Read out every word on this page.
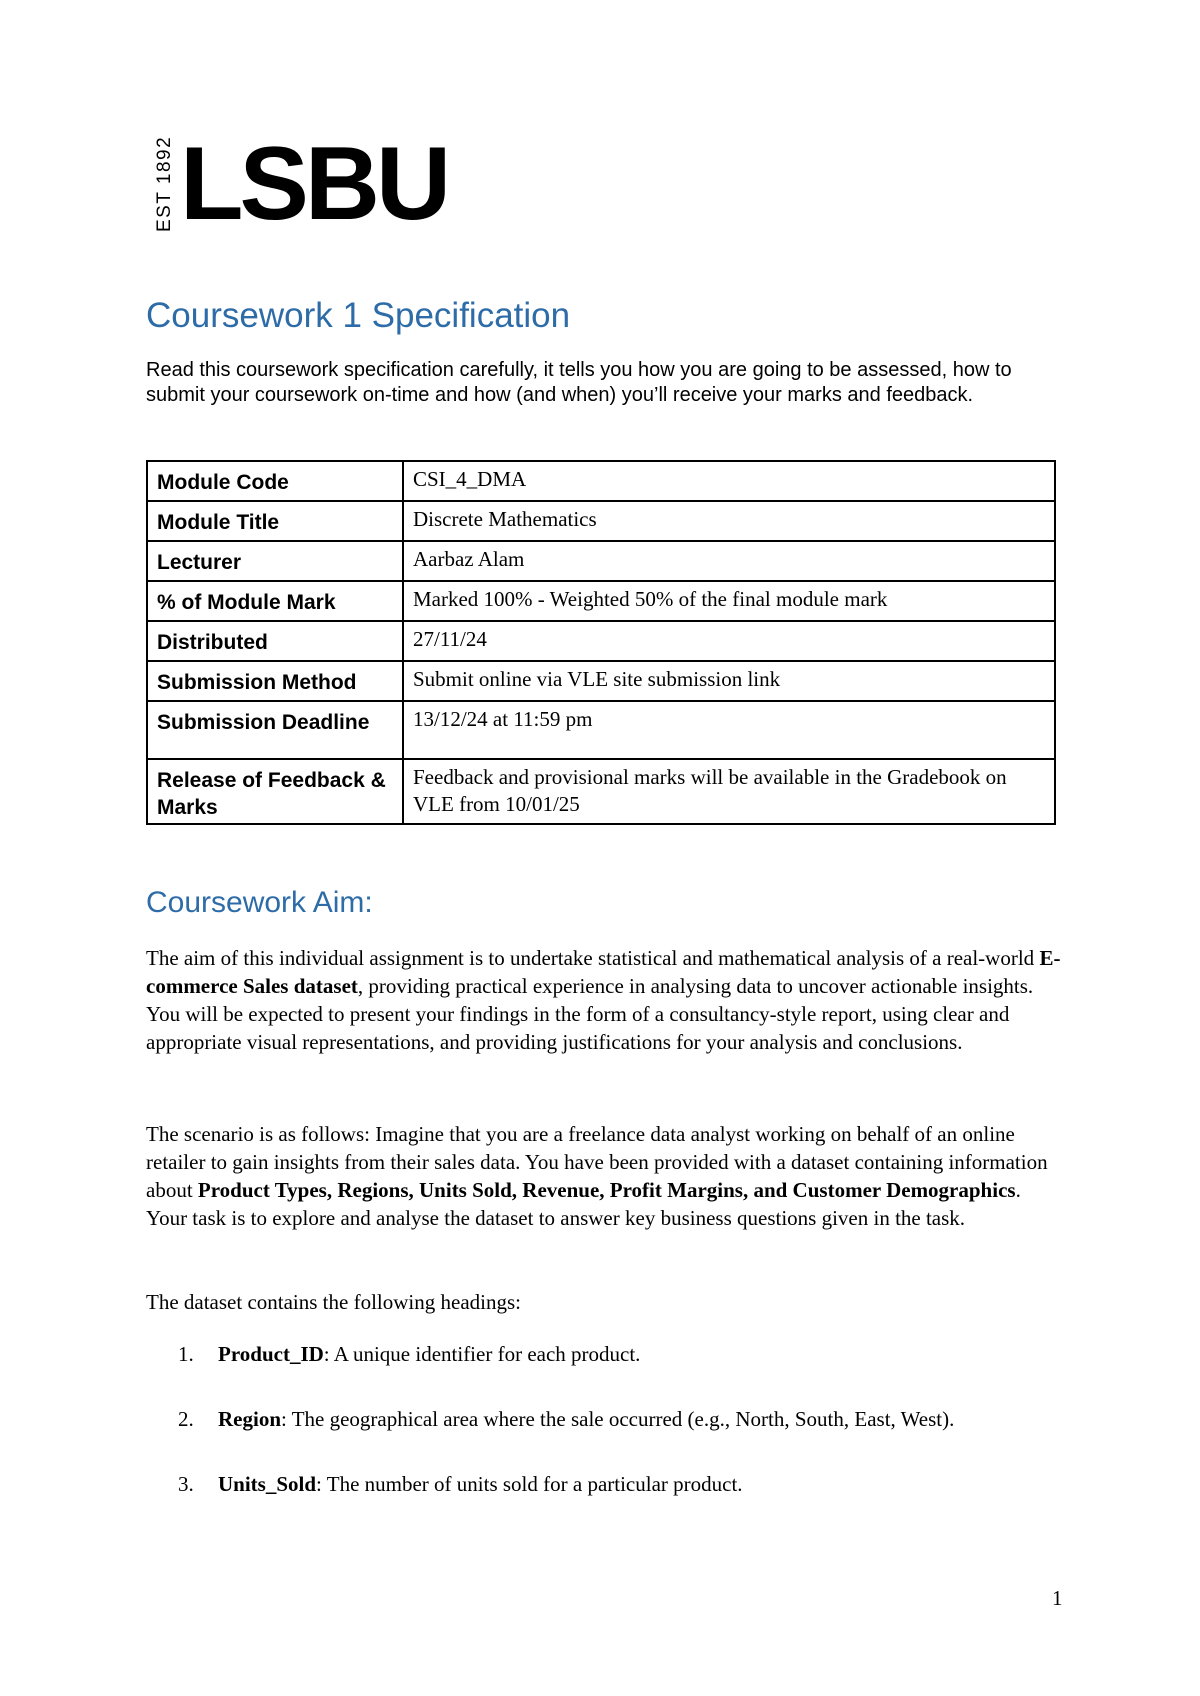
EST 1892 LSBU
Coursework 1 Specification

Read this coursework specification carefully, it tells you how you are going to be assessed, how to submit your coursework on-time and how (and when) you’ll receive your marks and feedback.

Module Code	CSI_4_DMA
Module Title	Discrete Mathematics
Lecturer	Aarbaz Alam
% of Module Mark	Marked 100% - Weighted 50% of the final module mark
Distributed	27/11/24
Submission Method	Submit online via VLE site submission link
Submission Deadline	13/12/24 at 11:59 pm
Release of Feedback & Marks	Feedback and provisional marks will be available in the Gradebook on VLE from 10/01/25
Coursework Aim:

The aim of this individual assignment is to undertake statistical and mathematical analysis of a real-world E-commerce Sales dataset, providing practical experience in analysing data to uncover actionable insights. You will be expected to present your findings in the form of a consultancy-style report, using clear and appropriate visual representations, and providing justifications for your analysis and conclusions.

The scenario is as follows: Imagine that you are a freelance data analyst working on behalf of an online retailer to gain insights from their sales data. You have been provided with a dataset containing information about Product Types, Regions, Units Sold, Revenue, Profit Margins, and Customer Demographics. Your task is to explore and analyse the dataset to answer key business questions given in the task.

The dataset contains the following headings:

1. Product_ID: A unique identifier for each product.
2. Region: The geographical area where the sale occurred (e.g., North, South, East, West).
3. Units_Sold: The number of units sold for a particular product.
1
